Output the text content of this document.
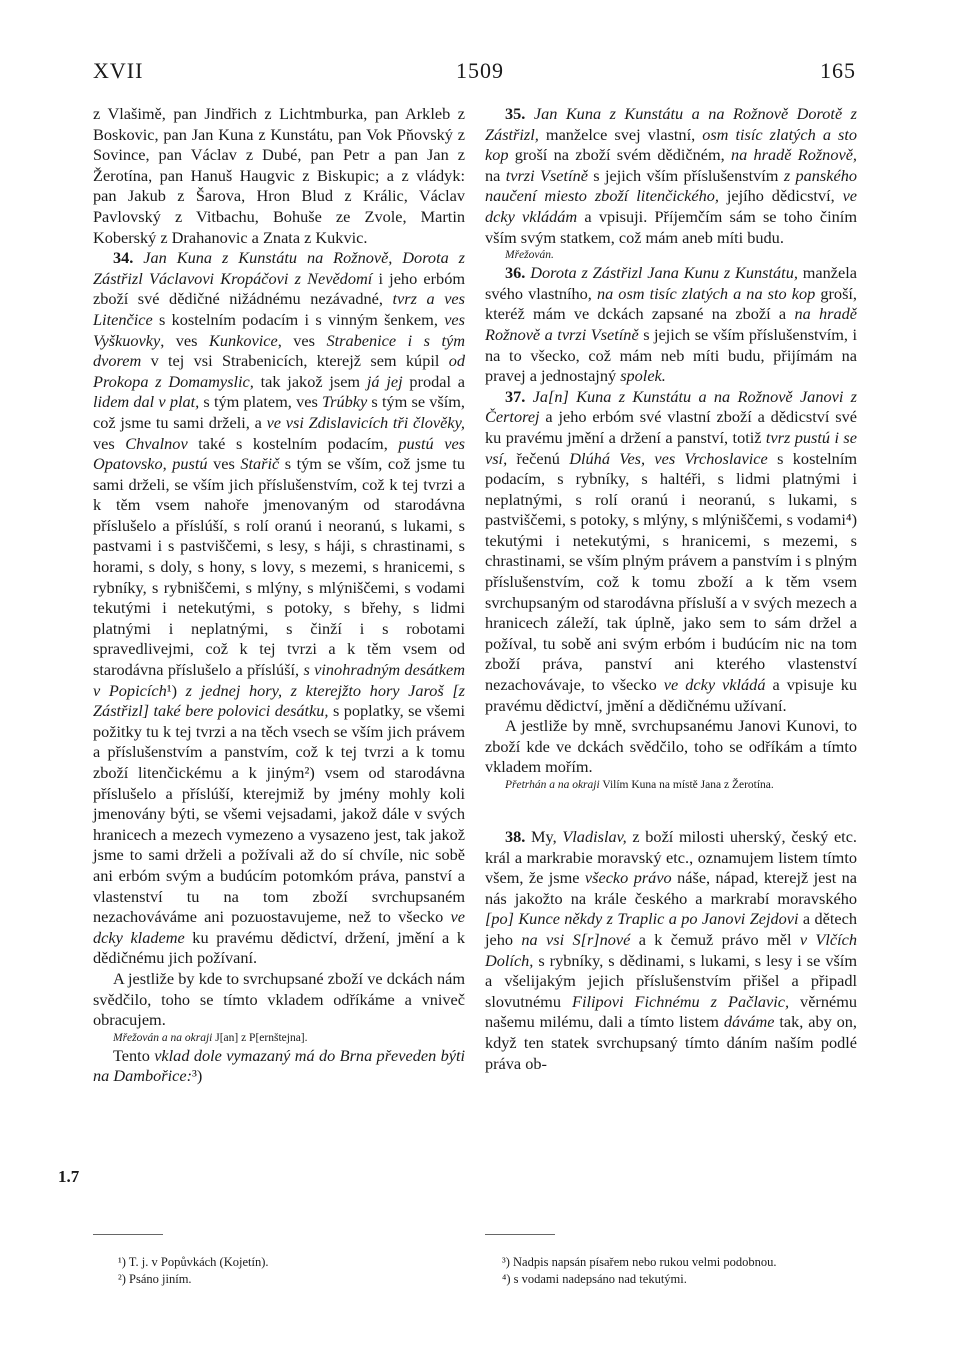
1509
XVII	165
1.7

z Vlašimě, pan Jindřich z Lichtmburka, pan Arkleb z Boskovic, pan Jan Kuna z Kunstátu, pan Vok Pňovský z Sovince, pan Václav z Dubé, pan Petr a pan Jan z Žerotína, pan Hanuš Haugvic z Biskupic; a z vládyk: pan Jakub z Šarova, Hron Blud z Králic, Václav Pavlovský z Vitbachu, Bohuše ze Zvole, Martin Koberský z Drahanovic a Znata z Kukvic.

34. Jan Kuna z Kunstátu na Rožnově, Dorota z Zástřizl Václavovi Kropáčovi z Nevědomí i jeho erbóm zboží své dědičné nižádnému nezávadné, tvrz a ves Litenčice s kostelním podacím i s vinným šenkem, ves Vyškuovky, ves Kunkovice, ves Strabenice i s tým dvorem v tej vsi Strabenicích, kterejž sem kúpil od Prokopa z Domamyslic, tak jakož jsem já jej prodal a lidem dal v plat, s tým platem, ves Trúbky s tým se vším, což jsme tu sami drželi, a ve vsi Zdislavicích tři člověky, ves Chvalnov také s kostelním podacím, pustú ves Opatovsko, pustú ves Stařič s tým se vším, což jsme tu sami drželi, se vším jich příslušenstvím, což k tej tvrzi a k těm vsem nahoře jmenovaným od starodávna příslušelo a příslúší, s rolí oranú i neoranú, s lukami, s pastvami i s pastviščemi, s lesy, s háji, s chrastinami, s horami, s doly, s hony, s lovy, s mezemi, s hranicemi, s rybníky, s rybniščemi, s mlýny, s mlýniščemi, s vodami tekutými i netekutými, s potoky, s břehy, s lidmi platnými i neplatnými, s činží i s robotami spravedlivejmi, což k tej tvrzi a k těm vsem od starodávna příslušelo a příslúší, s vinohradným desátkem v Popicích¹) z jednej hory, z kterejžto hory Jaroš [z Zástřizl] také bere polovici desátku, s poplatky, se všemi požitky tu k tej tvrzi a na těch vsech se vším jich právem a příslušenstvím a panstvím, což k tej tvrzi a k tomu zboží litenčickému a k jiným²) vsem od starodávna příslušelo a příslúší, kterejmiž by jmény mohly koli jmenovány býti, se všemi vejsadami, jakož dále v svých hranicech a mezech vymezeno a vysazeno jest, tak jakož jsme to sami drželi a požívali až do sí chvíle, nic sobě ani erbóm svým a budúcím potomkóm práva, panství a vlastenství tu na tom zboží svrchupsaném nezachováváme ani pozuostavujeme, než to všecko ve dcky klademe ku pravému dědictví, držení, jmění a k dědičnému jich požívaní.

A jestliže by kde to svrchupsané zboží ve dckách nám svědčilo, toho se tímto vkladem odříkáme a vniveč obracujem.

Mřežován a na okraji J[an] z P[ernštejna].

Tento vklad dole vymazaný má do Brna převeden býti na Dambořice:³)

35. Jan Kuna z Kunstátu a na Rožnově Dorotě z Zástřizl, manželce svej vlastní, osm tisíc zlatých a sto kop groší na zboží svém dědičném, na hradě Rožnově, na tvrzi Vsetíně s jejich vším příslušenstvím z panského naučení miesto zboží litenčického, jejího dědicství, ve dcky vkládám a vpisuji. Příjemčím sám se toho činím vším svým statkem, což mám aneb míti budu.

Mřežován.

36. Dorota z Zástřizl Jana Kunu z Kunstátu, manžela svého vlastního, na osm tisíc zlatých a na sto kop groší, kteréž mám ve dckách zapsané na zboží a na hradě Rožnově a tvrzi Vsetíně s jejich se vším příslušenstvím, i na to všecko, což mám neb míti budu, přijímám na pravej a jednostajný spolek.

37. Ja[n] Kuna z Kunstátu a na Rožnově Janovi z Čertorej a jeho erbóm své vlastní zboží a dědicství své ku pravému jmění a držení a panství, totiž tvrz pustú i se vsí, řečenú Dlúhá Ves, ves Vrchoslavice s kostelním podacím, s rybníky, s haltéři, s lidmi platnými i neplatnými, s rolí oranú i neoranú, s lukami, s pastviščemi, s potoky, s mlýny, s mlýniščemi, s vodami⁴) tekutými i netekutými, s hranicemi, s mezemi, s chrastinami, se vším plným právem a panstvím i s plným příslušenstvím, což k tomu zboží a k těm vsem svrchupsaným od starodávna přísluší a v svých mezech a hranicech záleží, tak úplně, jako sem to sám držel a požíval, tu sobě ani svým erbóm i budúcím nic na tom zboží práva, panství ani kterého vlastenství nezachovávaje, to všecko ve dcky vkládá a vpisuje ku pravému dědictví, jmění a dědičnému užívaní.

A jestliže by mně, svrchupsanému Janovi Kunovi, to zboží kde ve dckách svědčilo, toho se odříkám a tímto vkladem mořím.

Přetrhán a na okraji Vilím Kuna na místě Jana z Žerotína.

38. My, Vladislav, z boží milosti uherský, český etc. král a markrabie moravský etc., oznamujem listem tímto všem, že jsme všecko právo náše, nápad, kterejž jest na nás jakožto na krále českého a markrabí moravského [po] Kunce někdy z Traplic a po Janovi Zejdovi a dětech jeho na vsi S[r]nové a k čemuž právo měl v Vlčích Dolích, s rybníky, s dědinami, s lukami, s lesy i se vším a všelijakým jejich příslušenstvím přišel a připadl slovutnému Filipovi Fichnému z Pačlavic, věrnému našemu milému, dali a tímto listem dáváme tak, aby on, když ten statek svrchupsaný tímto dáním naším podlé práva ob-

¹) T. j. v Popůvkách (Kojetín).

²) Psáno jiním.

³) Nadpis napsán písařem nebo rukou velmi podobnou.

⁴) s vodami nadepsáno nad tekutými.
